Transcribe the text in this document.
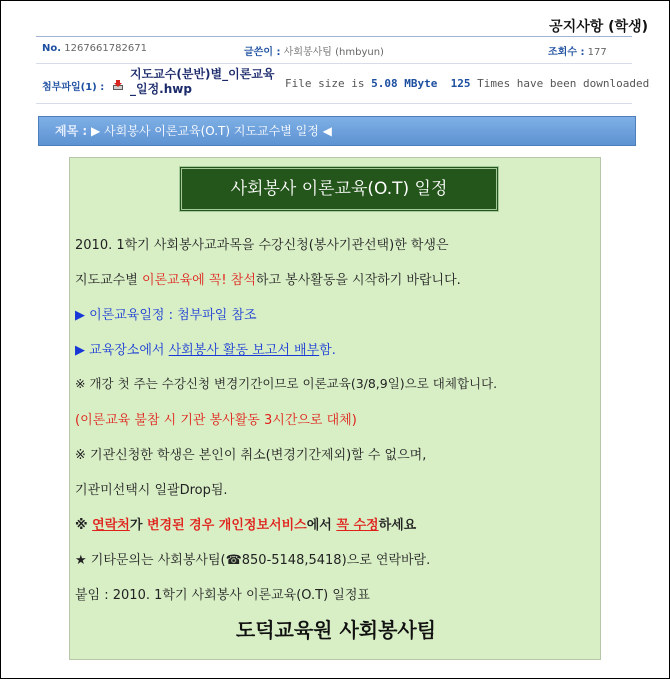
공지사항 (학생)
No. 1267661782671	글쓴이 : 사회봉사팀 (hmbyun)	조회수 : 177
첨부파일(1) :
지도교수(분반)별_이론교육_일정.hwp	File size is 5.08 MByte 125 Times have been downloaded
제목 : ▶ 사회봉사 이론교육(O.T) 지도교수별 일정 ◀
사회봉사 이론교육(O.T) 일정
2010. 1학기 사회봉사교과목을 수강신청(봉사기관선택)한 학생은
지도교수별 이론교육에 꼭! 참석하고 봉사활동을 시작하기 바랍니다.
▶ 이론교육일정 : 첨부파일 참조
▶ 교육장소에서 사회봉사 활동 보고서 배부함.
※ 개강 첫 주는 수강신청 변경기간이므로 이론교육(3/8,9일)으로 대체합니다.
(이론교육 불참 시 기관 봉사활동 3시간으로 대체)
※ 기관신청한 학생은 본인이 취소(변경기간제외)할 수 없으며,
기관미선택시 일괄Drop됨.
※ 연락처가 변경된 경우 개인정보서비스에서 꼭 수정하세요
★ 기타문의는 사회봉사팀(☎850-5148,5418)으로 연락바람.
붙임 : 2010. 1학기 사회봉사 이론교육(O.T) 일정표
도덕교육원 사회봉사팀
